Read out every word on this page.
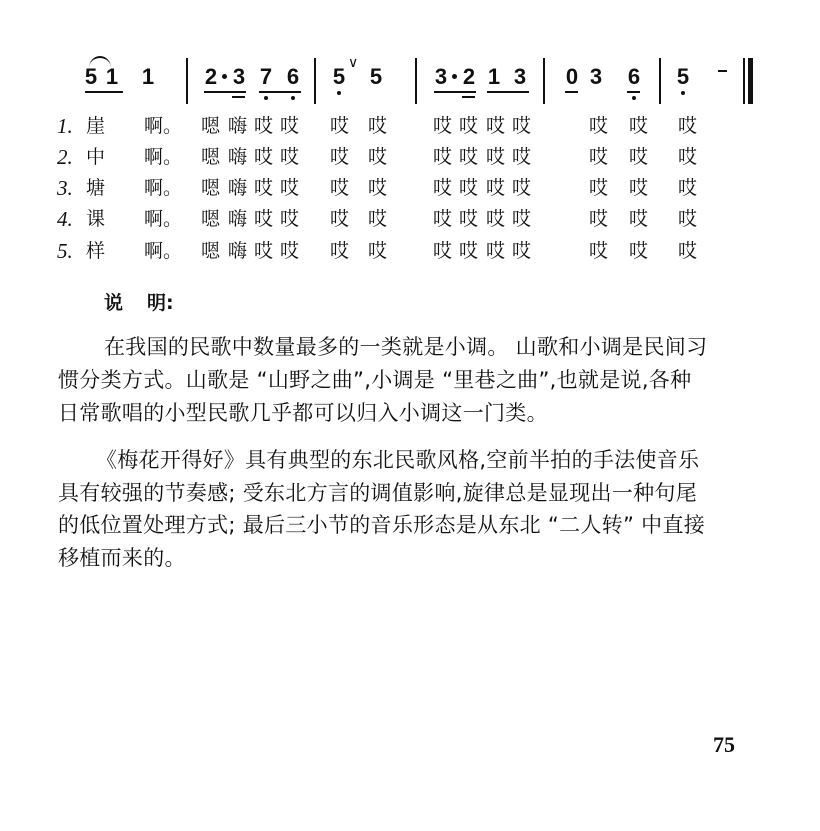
5 1 1 2 3 7 6 5
∨
5 3 2 1 3 0 3 6 5
1. 崖 啊。 嗯 嗨 哎 哎 哎 哎 哎 哎 哎 哎	哎 哎 哎
2. 中 啊。 嗯 嗨 哎 哎 哎 哎 哎 哎 哎 哎	哎 哎 哎
3. 塘 啊。 嗯 嗨 哎 哎 哎 哎 哎 哎 哎 哎	哎 哎 哎
4. 课 啊。 嗯 嗨 哎 哎 哎 哎 哎 哎 哎 哎	哎 哎 哎
5. 样 啊。 嗯 嗨 哎 哎 哎 哎 哎 哎 哎 哎	哎 哎 哎
说 明:
在我国的民歌中数量最多的一类就是小调。 山歌和小调是民间习
惯分类方式。山歌是 “山野之曲”,小调是 “里巷之曲”,也就是说,各种
日常歌唱的小型民歌几乎都可以归入小调这一门类。
《梅花开得好》具有典型的东北民歌风格,空前半拍的手法使音乐
具有较强的节奏感; 受东北方言的调值影响,旋律总是显现出一种句尾
的低位置处理方式; 最后三小节的音乐形态是从东北 “二人转” 中直接
移植而来的。
75
